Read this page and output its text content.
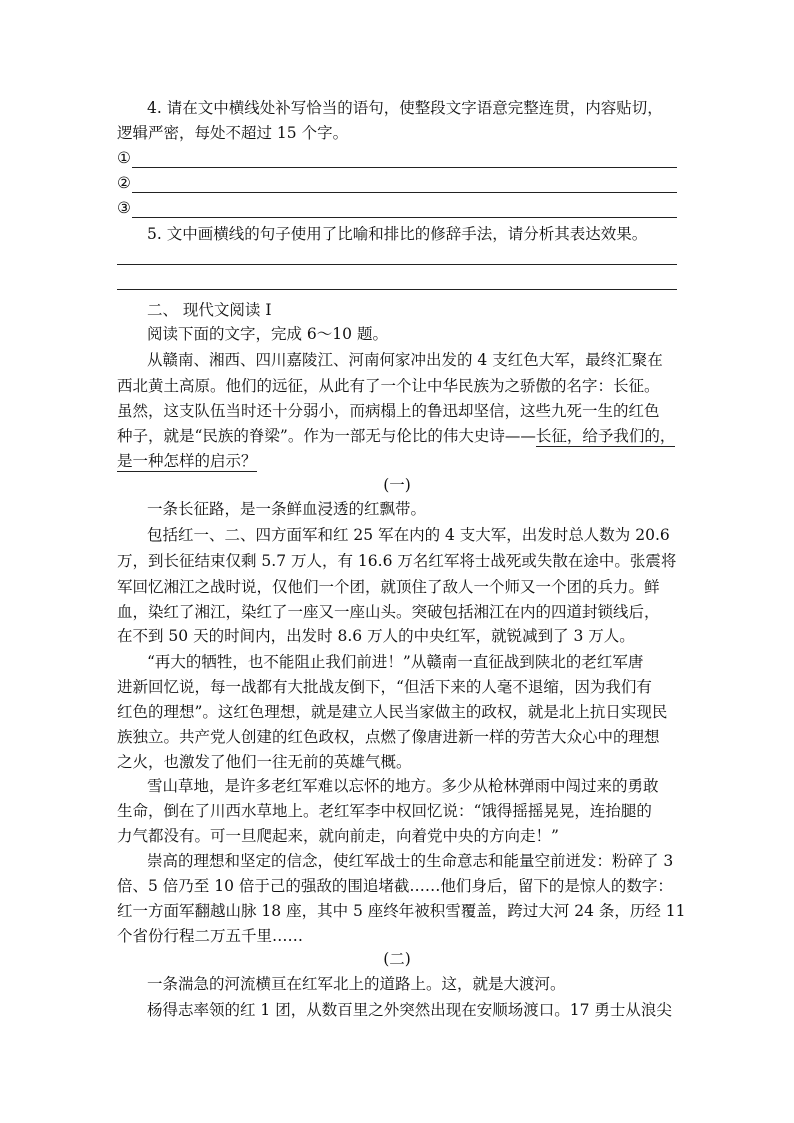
4. 请在文中横线处补写恰当的语句，使整段文字语意完整连贯，内容贴切，
逻辑严密，每处不超过 15 个字。
①
②
③
5. 文中画横线的句子使用了比喻和排比的修辞手法，请分析其表达效果。
二、 现代文阅读 I
阅读下面的文字，完成 6～10 题。
从赣南、湘西、四川嘉陵江、河南何家冲出发的 4 支红色大军，最终汇聚在
西北黄土高原。他们的远征，从此有了一个让中华民族为之骄傲的名字：长征。
虽然，这支队伍当时还十分弱小，而病榻上的鲁迅却坚信，这些九死一生的红色
种子，就是“民族的脊梁”。作为一部无与伦比的伟大史诗——长征，给予我们的，
是一种怎样的启示？
(一)
一条长征路，是一条鲜血浸透的红飘带。
包括红一、二、四方面军和红 25 军在内的 4 支大军，出发时总人数为 20.6
万，到长征结束仅剩 5.7 万人，有 16.6 万名红军将士战死或失散在途中。张震将
军回忆湘江之战时说，仅他们一个团，就顶住了敌人一个师又一个团的兵力。鲜
血，染红了湘江，染红了一座又一座山头。突破包括湘江在内的四道封锁线后，
在不到 50 天的时间内，出发时 8.6 万人的中央红军，就锐减到了 3 万人。
“再大的牺牲，也不能阻止我们前进！”从赣南一直征战到陕北的老红军唐
进新回忆说，每一战都有大批战友倒下，“但活下来的人毫不退缩，因为我们有
红色的理想”。这红色理想，就是建立人民当家做主的政权，就是北上抗日实现民
族独立。共产党人创建的红色政权，点燃了像唐进新一样的劳苦大众心中的理想
之火，也激发了他们一往无前的英雄气概。
雪山草地，是许多老红军难以忘怀的地方。多少从枪林弹雨中闯过来的勇敢
生命，倒在了川西水草地上。老红军李中权回忆说：“饿得摇摇晃晃，连抬腿的
力气都没有。可一旦爬起来，就向前走，向着党中央的方向走！”
崇高的理想和坚定的信念，使红军战士的生命意志和能量空前迸发：粉碎了 3
倍、5 倍乃至 10 倍于己的强敌的围追堵截……他们身后，留下的是惊人的数字：
红一方面军翻越山脉 18 座，其中 5 座终年被积雪覆盖，跨过大河 24 条，历经 11
个省份行程二万五千里……
(二)
一条湍急的河流横亘在红军北上的道路上。这，就是大渡河。
杨得志率领的红 1 团，从数百里之外突然出现在安顺场渡口。17 勇士从浪尖
